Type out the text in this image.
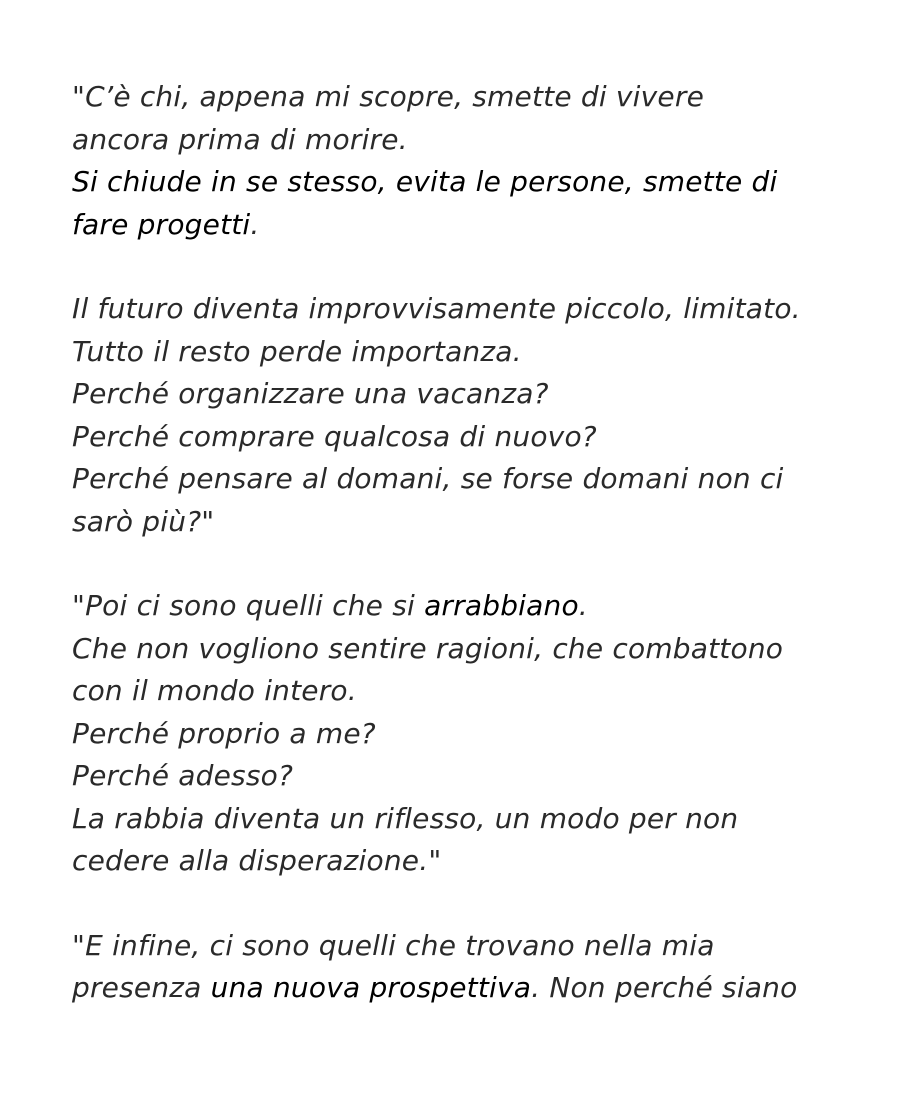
"C’è chi, appena mi scopre, smette di vivere
ancora prima di morire.
Si chiude in se stesso, evita le persone, smette di
fare progetti.
Il futuro diventa improvvisamente piccolo, limitato.
Tutto il resto perde importanza.
Perché organizzare una vacanza?
Perché comprare qualcosa di nuovo?
Perché pensare al domani, se forse domani non ci
sarò più?"
"Poi ci sono quelli che si arrabbiano.
Che non vogliono sentire ragioni, che combattono
con il mondo intero.
Perché proprio a me?
Perché adesso?
La rabbia diventa un riflesso, un modo per non
cedere alla disperazione."
"E infine, ci sono quelli che trovano nella mia
presenza una nuova prospettiva. Non perché siano
